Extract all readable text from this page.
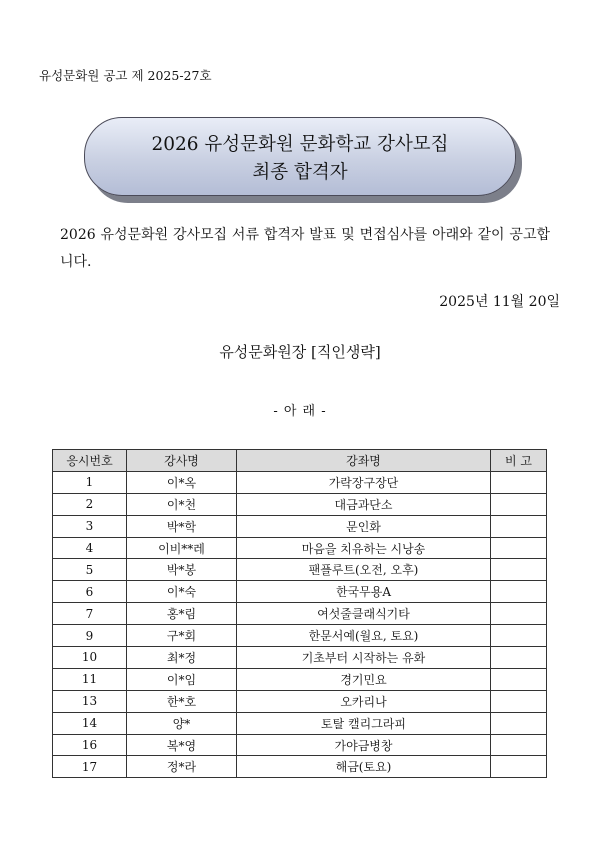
유성문화원 공고 제 2025-27호
2026 유성문화원 문화학교 강사모집
최종 합격자
2026 유성문화원 강사모집 서류 합격자 발표 및 면접심사를 아래와 같이 공고합니다.
2025년 11월 20일
유성문화원장 [직인생략]
- 아 래 -
응시번호	강사명	강좌명	비 고
1	이*옥	가락장구장단	
2	이*천	대금과단소	
3	박*학	문인화	
4	이비**레	마음을 치유하는 시낭송	
5	박*봉	팬플루트(오전, 오후)	
6	이*숙	한국무용A	
7	홍*림	여섯줄클래식기타	
9	구*회	한문서예(월요, 토요)	
10	최*정	기초부터 시작하는 유화	
11	이*임	경기민요	
13	한*호	오카리나	
14	양*	토탈 캘리그라피	
16	복*영	가야금병창	
17	정*라	해금(토요)	
